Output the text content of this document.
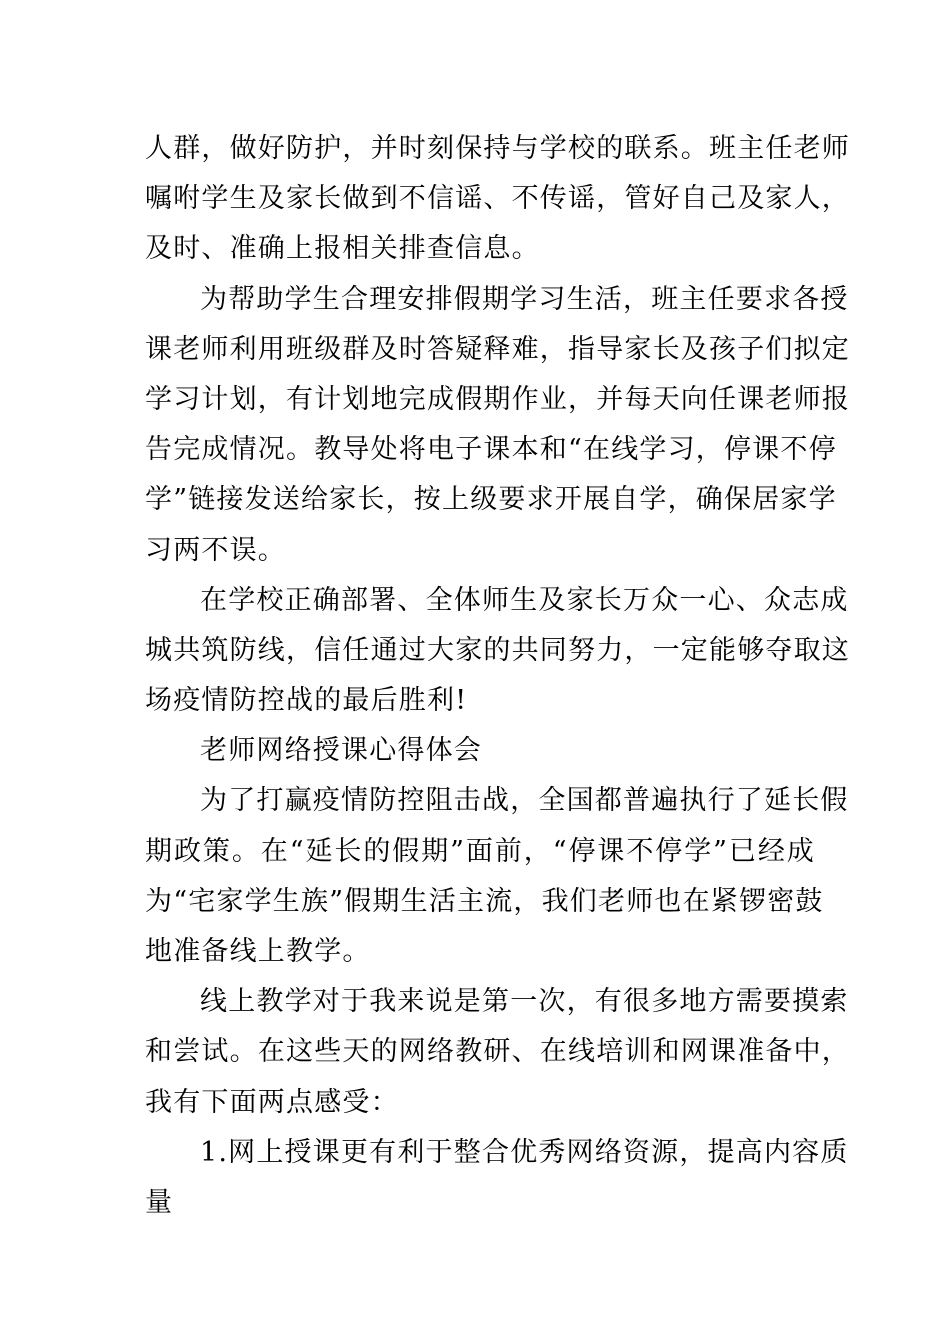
人群，做好防护，并时刻保持与学校的联系。班主任老师
嘱咐学生及家长做到不信谣、不传谣，管好自己及家人，
及时、准确上报相关排查信息。
为帮助学生合理安排假期学习生活，班主任要求各授
课老师利用班级群及时答疑释难，指导家长及孩子们拟定
学习计划，有计划地完成假期作业，并每天向任课老师报
告完成情况。教导处将电子课本和“在线学习，停课不停
学”链接发送给家长，按上级要求开展自学，确保居家学
习两不误。
在学校正确部署、全体师生及家长万众一心、众志成
城共筑防线，信任通过大家的共同努力，一定能够夺取这
场疫情防控战的最后胜利!
老师网络授课心得体会
为了打赢疫情防控阻击战，全国都普遍执行了延长假
期政策。在“延长的假期”面前，“停课不停学”已经成
为“宅家学生族”假期生活主流，我们老师也在紧锣密鼓
地准备线上教学。
线上教学对于我来说是第一次，有很多地方需要摸索
和尝试。在这些天的网络教研、在线培训和网课准备中，
我有下面两点感受：
1.网上授课更有利于整合优秀网络资源，提高内容质
量
